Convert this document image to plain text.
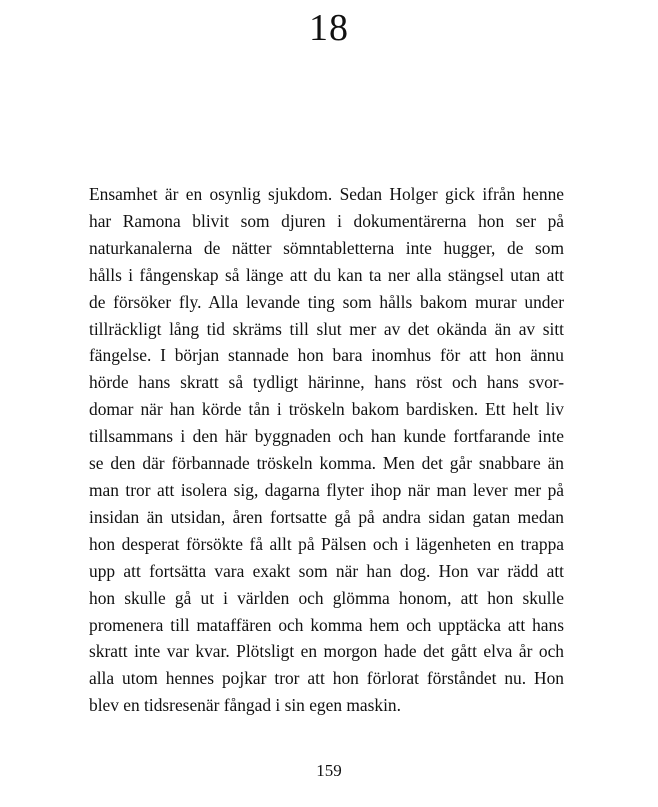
18

Ensamhet är en osynlig sjukdom. Sedan Holger gick ifrån henne
har Ramona blivit som djuren i dokumentärerna hon ser på
naturkanalerna de nätter sömntabletterna inte hugger, de som
hålls i fångenskap så länge att du kan ta ner alla stängsel utan att
de försöker fly. Alla levande ting som hålls bakom murar under
tillräckligt lång tid skräms till slut mer av det okända än av sitt
fängelse. I början stannade hon bara inomhus för att hon ännu
hörde hans skratt så tydligt härinne, hans röst och hans svor-
domar när han körde tån i tröskeln bakom bardisken. Ett helt liv
tillsammans i den här byggnaden och han kunde fortfarande inte
se den där förbannade tröskeln komma. Men det går snabbare än
man tror att isolera sig, dagarna flyter ihop när man lever mer på
insidan än utsidan, åren fortsatte gå på andra sidan gatan medan
hon desperat försökte få allt på Pälsen och i lägenheten en trappa
upp att fortsätta vara exakt som när han dog. Hon var rädd att
hon skulle gå ut i världen och glömma honom, att hon skulle
promenera till mataffären och komma hem och upptäcka att hans
skratt inte var kvar. Plötsligt en morgon hade det gått elva år och
alla utom hennes pojkar tror att hon förlorat förståndet nu. Hon
blev en tidsresenär fångad i sin egen maskin.

159
